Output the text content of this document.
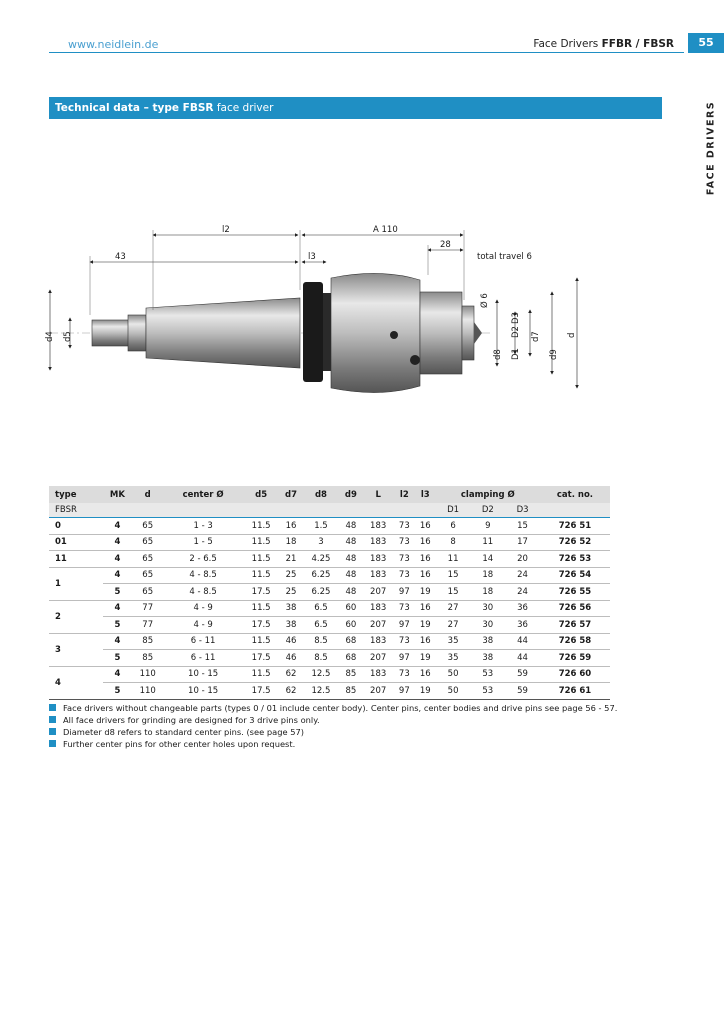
www.neidlein.de	Face Drivers FFBR / FBSR	55
FACE DRIVERS
Technical data – type FBSR face driver
l2	A 110
43	l3
28
total travel 6
d4 d5
Ø 6
d8 D1
D2
D3
d7
d9
d
type	MK	d	center Ø	d5	d7	d8	d9	L	l2	l3	clamping Ø			cat. no.
FBSR											D1	D2	D3	
0	4	65	1 - 3	11.5	16	1.5	48	183	73	16	6	9	15	726 51
01	4	65	1 - 5	11.5	18	3	48	183	73	16	8	11	17	726 52
11	4	65	2 - 6.5	11.5	21	4.25	48	183	73	16	11	14	20	726 53
1	4	65	4 - 8.5	11.5	25	6.25	48	183	73	16	15	18	24	726 54
	5	65	4 - 8.5	17.5	25	6.25	48	207	97	19	15	18	24	726 55
2	4	77	4 - 9	11.5	38	6.5	60	183	73	16	27	30	36	726 56
	5	77	4 - 9	17.5	38	6.5	60	207	97	19	27	30	36	726 57
3	4	85	6 - 11	11.5	46	8.5	68	183	73	16	35	38	44	726 58
	5	85	6 - 11	17.5	46	8.5	68	207	97	19	35	38	44	726 59
4	4	110	10 - 15	11.5	62	12.5	85	183	73	16	50	53	59	726 60
	5	110	10 - 15	17.5	62	12.5	85	207	97	19	50	53	59	726 61
Face drivers without changeable parts (types 0 / 01 include center body). Center pins, center bodies and drive pins see page 56 - 57.
All face drivers for grinding are designed for 3 drive pins only.
Diameter d8 refers to standard center pins. (see page 57)
Further center pins for other center holes upon request.
